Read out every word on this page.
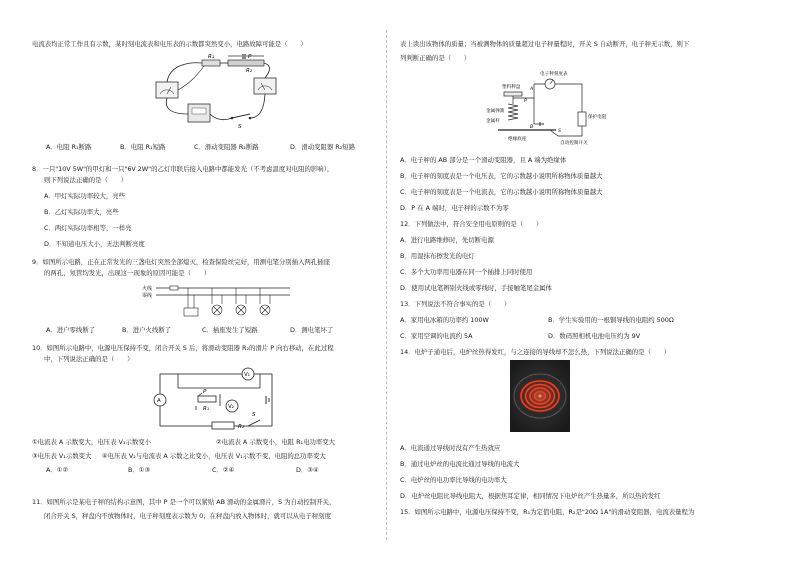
电流表均正常工作且有示数，某时刻电流表和电压表的示数都突然变小，电路故障可能是（　　）
R₁	P
R₂
S
A．电阻 R₁断路	B．电阻 R₁短路	C．滑动变阻器 R₂断路	D．滑动变阻器 R₂短路
8．一只"10V 5W"的甲灯和一只"6V 2W"的乙灯串联后接入电路中都能发光（不考虑温度对电阻的影响），
则下列说法正确的是（　　）
A．甲灯实际功率较大，亮些
B．乙灯实际功率大，亮些
C．两灯实际功率相等，一样亮
D．不知道电压大小，无法判断亮度
9．如图所示电路，正在正常发光的三盏电灯突然全部熄灭，检查保险丝完好，用测电笔分别插入两孔插座
的两孔，氖管均发光，出现这一现象的原因可能是（　　）
火线
零线
A．进户零线断了	B．进户火线断了	C．插座发生了短路	D．测电笔坏了
10．如图所示电路中，电源电压保持不变，闭合开关 S 后，将滑动变阻器 R₂的滑片 P 向右移动，在此过程
中，下列说法正确的是（　　）
V₁
A
V₂
P
R₁
R₂
S
①电流表 A 示数变大，电压表 V₁示数变小	②电流表 A 示数变小，电阻 R₁电功率变大
③电压表 V₁示数变大 　 ④电压表 V₂与电流表 A 示数之比变小，电压表 V₁示数不变，电阻的总功率变大
A．①②	B．①③	C．②④	D．③④
11．如图所示是某电子秤的结构示意图，其中 P 是一个可以紧贴 AB 滑动的金属滑片，S 为自动控制开关，
闭合开关 S，秤盘内不放物体时，电子秤刻度表示数为 0；在秤盘内放入物体时，就可以从电子秤刻度
表上读出该物体的质量；当被测物体的质量超过电子秤量程时，开关 S 自动断开，电子秤无示数，则下
列判断正确的是（　　）
塑料秤盘
电子秤刻度表
金属弹簧
金属杆
绝缘底座
保护电阻
S
自动控制开关
A
B
P
A．电子秤的 AB 部分是一个滑动变阻器，且 A 端为绝缘体
B．电子秤的刻度表是一个电压表，它的示数越小说明所称物体质量越大
C．电子秤的刻度表是一个电流表，它的示数越小说明所称物体质量越大
D．P 在 A 端时，电子秤的示数不为零
12．下列做法中，符合安全用电原则的是（　　）
A．进行电路维修时，先切断电源
B．用湿抹布擦发光的电灯
C．多个大功率用电器在同一个插排上同时使用
D．使用试电笔辨别火线或零线时，手接触笔尾金属体
13．下列说法不符合事实的是（　　）
A．家用电冰箱的功率约 100W	B．学生实验用的一根铜导线的电阻约 500Ω
C．家用空调的电流约 5A	D．数码照相机电池电压约为 9V
14．电炉子通电后，电炉丝热得发红，与之连接的导线却不怎么热，下列说法正确的是（　　）
A．电流通过导线时没有产生热效应
B．通过电炉丝的电流比通过导线的电流大
C．电炉丝的电功率比导线的电功率大
D．电炉丝电阻比导线电阻大，根据焦耳定律，相同情况下电炉丝产生热量多，所以热的发红
15．如图所示电路中，电源电压保持不变，R₁为定值电阻，R₂是"20Ω 1A"的滑动变阻器，电流表量程为
